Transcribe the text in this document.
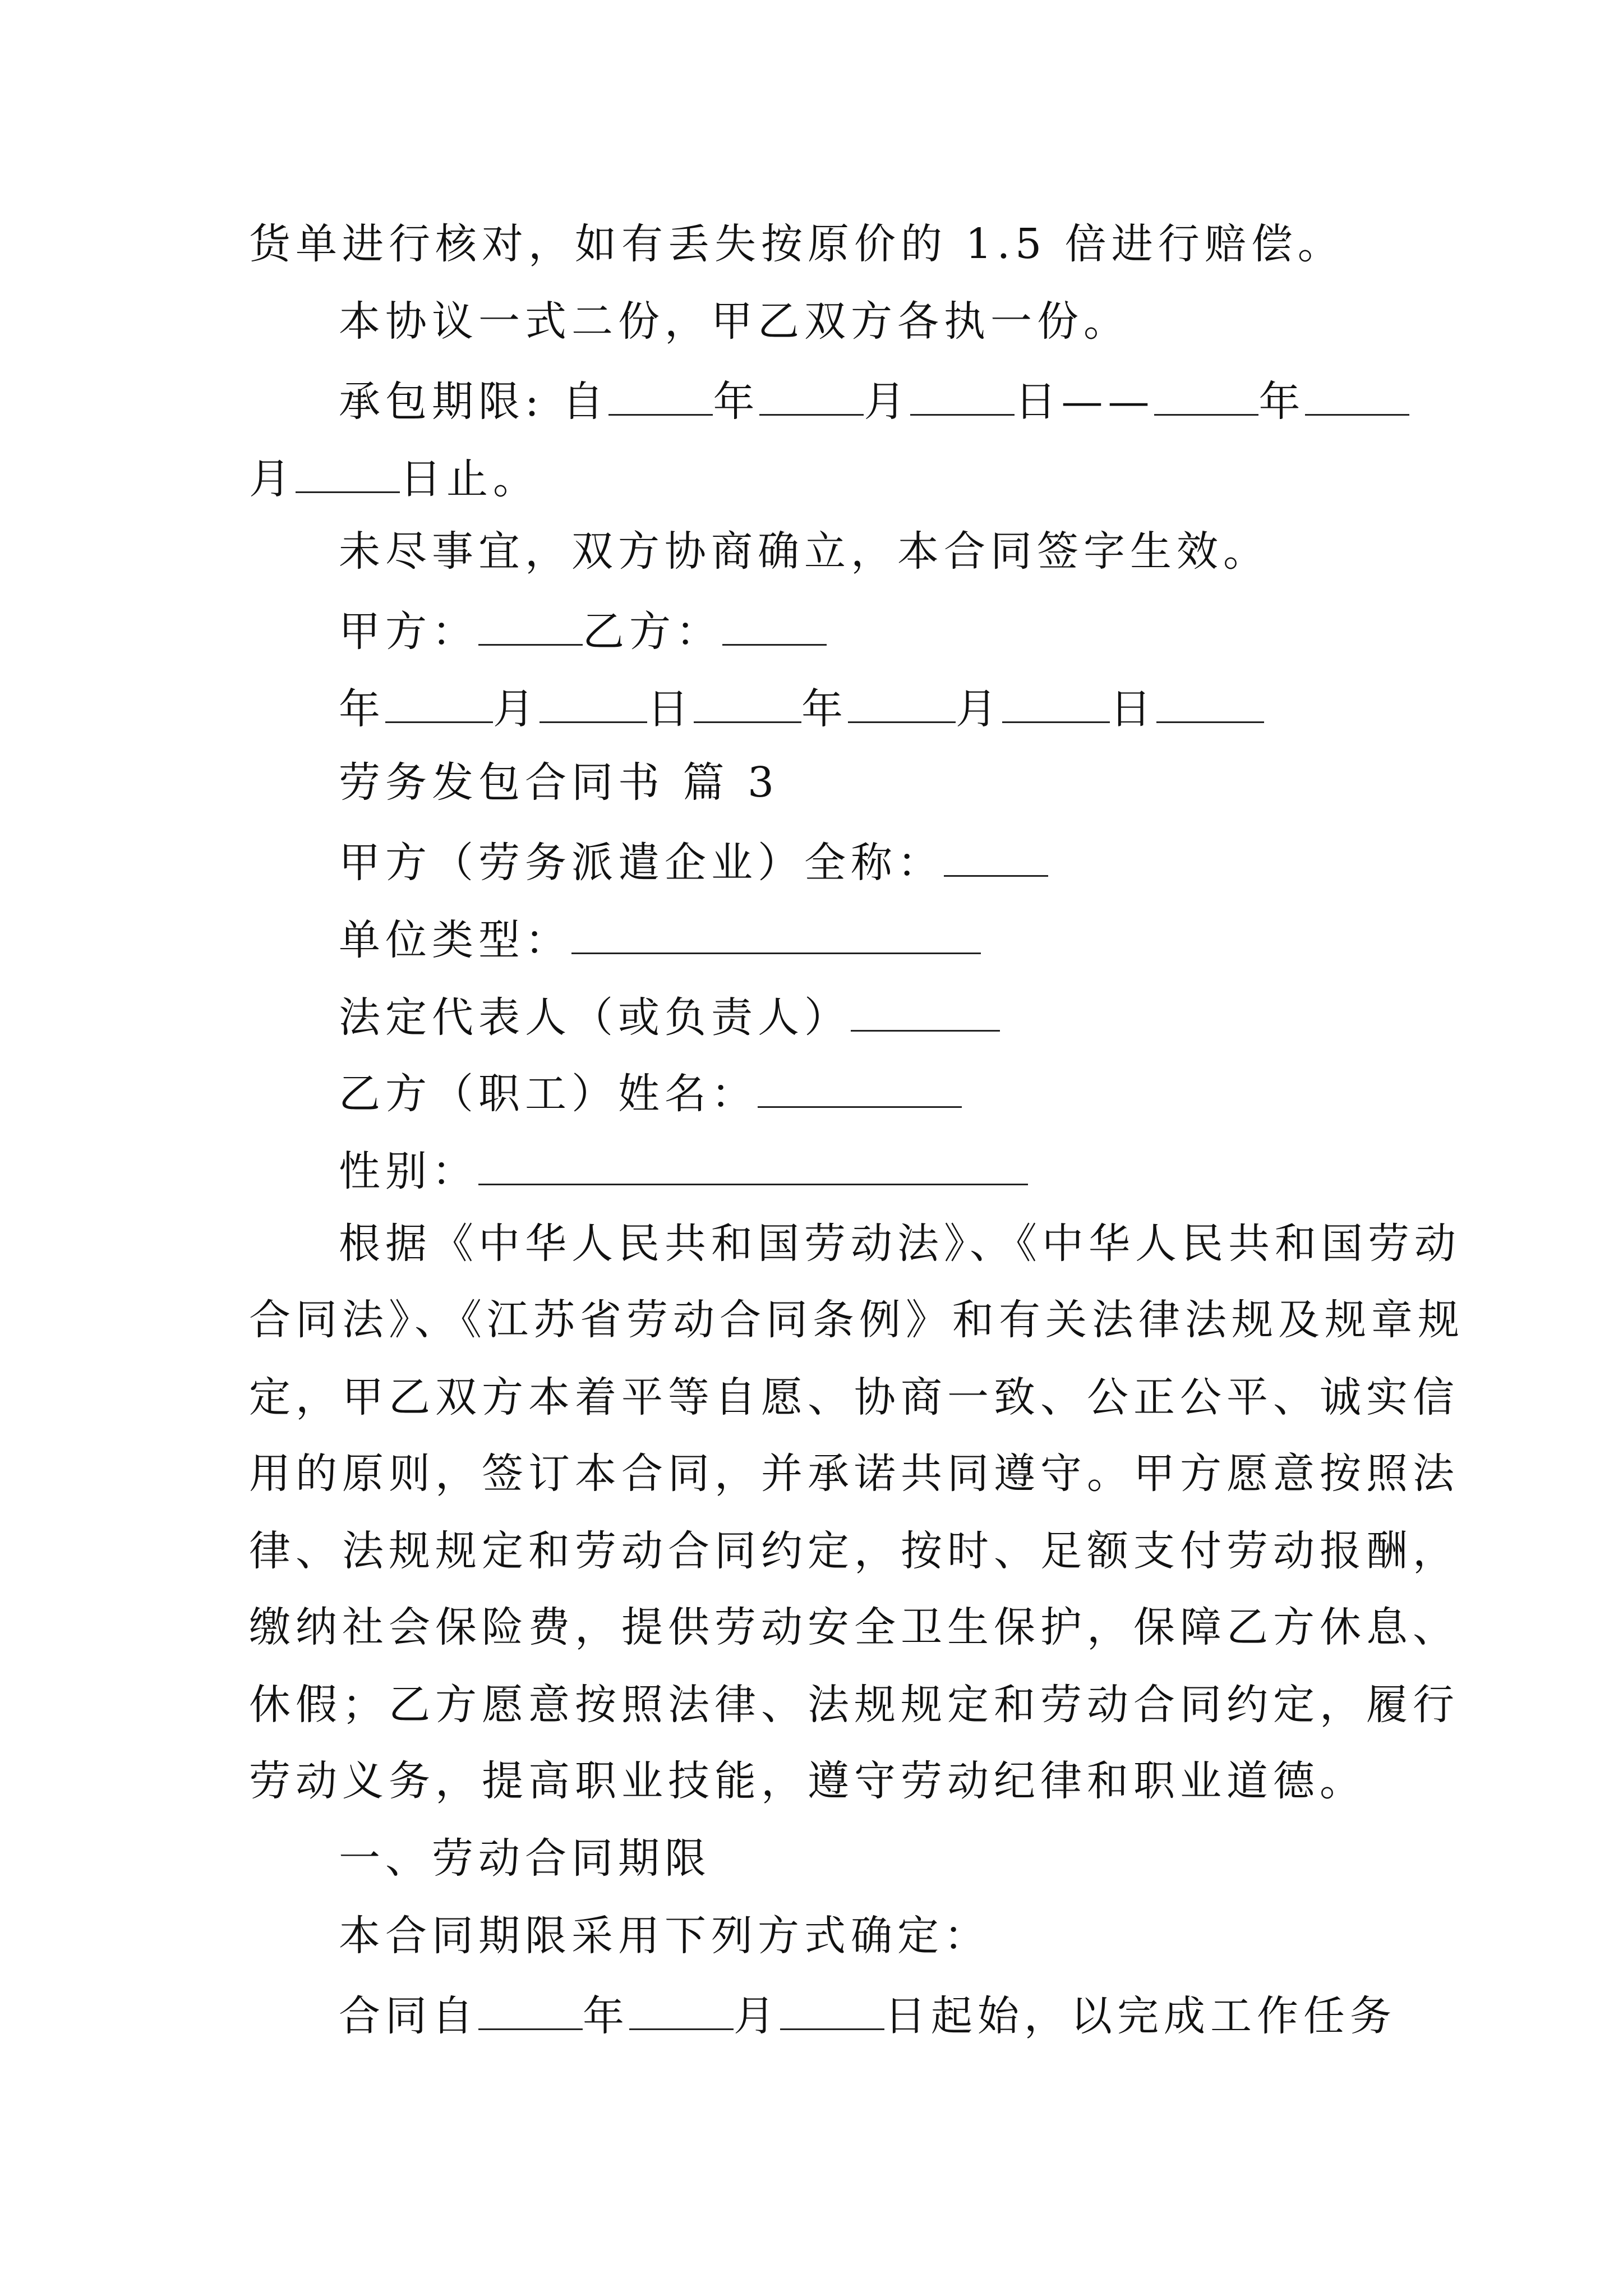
货单进行核对，如有丢失按原价的 1.5 倍进行赔偿。
本协议一式二份，甲乙双方各执一份。
承包期限: 自	年	月	日——	年
月	日止。
未尽事宜，双方协商确立，本合同签字生效。
甲方：	乙方：
年	月	日	年	月	日
劳务发包合同书 篇 3
甲方（劳务派遣企业）全称：
单位类型：
法定代表人（或负责人）
乙方（职工）姓名：
性别：
根据《中华人民共和国劳动法》、《中华人民共和国劳动
合同法》、《江苏省劳动合同条例》和有关法律法规及规章规
定，甲乙双方本着平等自愿、协商一致、公正公平、诚实信
用的原则，签订本合同，并承诺共同遵守。甲方愿意按照法
律、法规规定和劳动合同约定，按时、足额支付劳动报酬，
缴纳社会保险费，提供劳动安全卫生保护，保障乙方休息、
休假；乙方愿意按照法律、法规规定和劳动合同约定，履行
劳动义务，提高职业技能，遵守劳动纪律和职业道德。
一、劳动合同期限
本合同期限采用下列方式确定：
合同自	年	月	日起始，以完成工作任务
